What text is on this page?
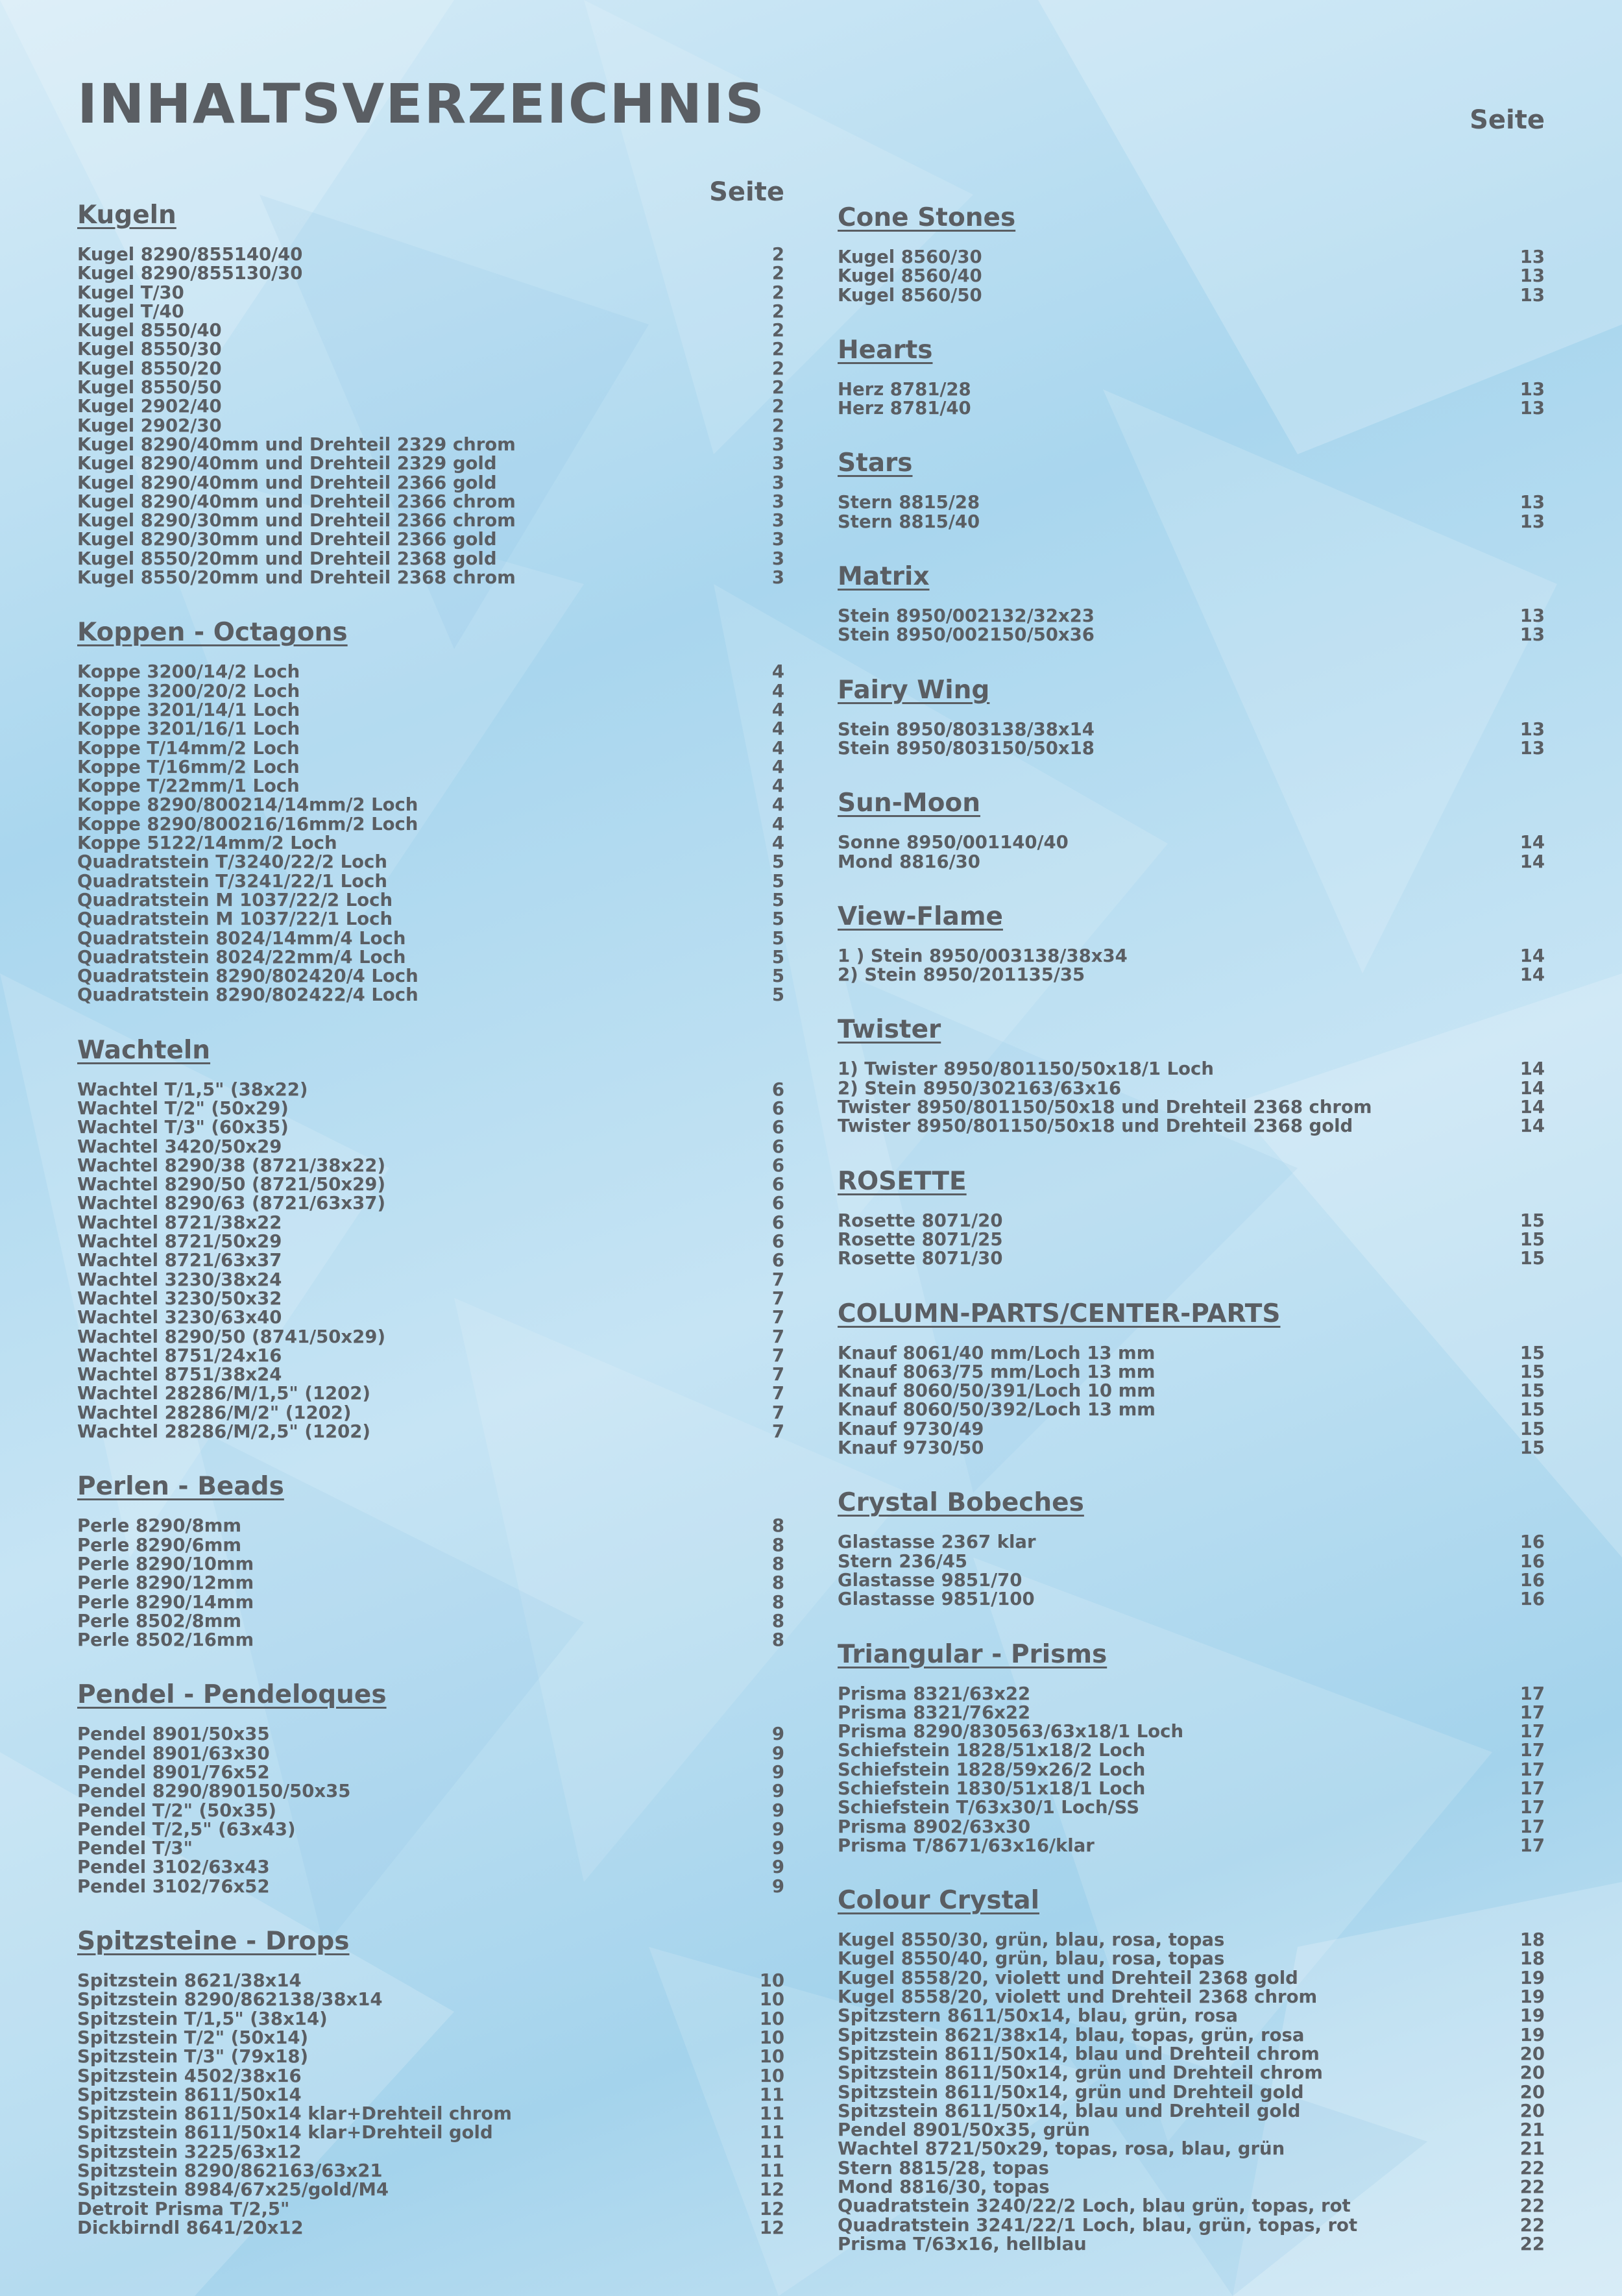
INHALTSVERZEICHNIS	Seite
Seite
Kugeln
Kugel 8290/855140/40	2
Kugel 8290/855130/30	2
Kugel T/30	2
Kugel T/40	2
Kugel 8550/40	2
Kugel 8550/30	2
Kugel 8550/20	2
Kugel 8550/50	2
Kugel 2902/40	2
Kugel 2902/30	2
Kugel 8290/40mm und Drehteil 2329 chrom	3
Kugel 8290/40mm und Drehteil 2329 gold	3
Kugel 8290/40mm und Drehteil 2366 gold	3
Kugel 8290/40mm und Drehteil 2366 chrom	3
Kugel 8290/30mm und Drehteil 2366 chrom	3
Kugel 8290/30mm und Drehteil 2366 gold	3
Kugel 8550/20mm und Drehteil 2368 gold	3
Kugel 8550/20mm und Drehteil 2368 chrom	3
Koppen - Octagons
Koppe 3200/14/2 Loch	4
Koppe 3200/20/2 Loch	4
Koppe 3201/14/1 Loch	4
Koppe 3201/16/1 Loch	4
Koppe T/14mm/2 Loch	4
Koppe T/16mm/2 Loch	4
Koppe T/22mm/1 Loch	4
Koppe 8290/800214/14mm/2 Loch	4
Koppe 8290/800216/16mm/2 Loch	4
Koppe 5122/14mm/2 Loch	4
Quadratstein T/3240/22/2 Loch	5
Quadratstein T/3241/22/1 Loch	5
Quadratstein M 1037/22/2 Loch	5
Quadratstein M 1037/22/1 Loch	5
Quadratstein 8024/14mm/4 Loch	5
Quadratstein 8024/22mm/4 Loch	5
Quadratstein 8290/802420/4 Loch	5
Quadratstein 8290/802422/4 Loch	5
Wachteln
Wachtel T/1,5" (38x22)	6
Wachtel T/2" (50x29)	6
Wachtel T/3" (60x35)	6
Wachtel 3420/50x29	6
Wachtel 8290/38 (8721/38x22)	6
Wachtel 8290/50 (8721/50x29)	6
Wachtel 8290/63 (8721/63x37)	6
Wachtel 8721/38x22	6
Wachtel 8721/50x29	6
Wachtel 8721/63x37	6
Wachtel 3230/38x24	7
Wachtel 3230/50x32	7
Wachtel 3230/63x40	7
Wachtel 8290/50 (8741/50x29)	7
Wachtel 8751/24x16	7
Wachtel 8751/38x24	7
Wachtel 28286/M/1,5" (1202)	7
Wachtel 28286/M/2" (1202)	7
Wachtel 28286/M/2,5" (1202)	7
Perlen - Beads
Perle 8290/8mm	8
Perle 8290/6mm	8
Perle 8290/10mm	8
Perle 8290/12mm	8
Perle 8290/14mm	8
Perle 8502/8mm	8
Perle 8502/16mm	8
Pendel - Pendeloques
Pendel 8901/50x35	9
Pendel 8901/63x30	9
Pendel 8901/76x52	9
Pendel 8290/890150/50x35	9
Pendel T/2" (50x35)	9
Pendel T/2,5" (63x43)	9
Pendel T/3"	9
Pendel 3102/63x43	9
Pendel 3102/76x52	9
Spitzsteine - Drops
Spitzstein 8621/38x14	10
Spitzstein 8290/862138/38x14	10
Spitzstein T/1,5" (38x14)	10
Spitzstein T/2" (50x14)	10
Spitzstein T/3" (79x18)	10
Spitzstein 4502/38x16	10
Spitzstein 8611/50x14	11
Spitzstein 8611/50x14 klar+Drehteil chrom	11
Spitzstein 8611/50x14 klar+Drehteil gold	11
Spitzstein 3225/63x12	11
Spitzstein 8290/862163/63x21	11
Spitzstein 8984/67x25/gold/M4	12
Detroit Prisma T/2,5"	12
Dickbirndl 8641/20x12	12
Cone Stones
Kugel 8560/30	13
Kugel 8560/40	13
Kugel 8560/50	13
Hearts
Herz 8781/28	13
Herz 8781/40	13
Stars
Stern 8815/28	13
Stern 8815/40	13
Matrix
Stein 8950/002132/32x23	13
Stein 8950/002150/50x36	13
Fairy Wing
Stein 8950/803138/38x14	13
Stein 8950/803150/50x18	13
Sun-Moon
Sonne 8950/001140/40	14
Mond 8816/30	14
View-Flame
1 ) Stein 8950/003138/38x34	14
2) Stein 8950/201135/35	14
Twister
1) Twister 8950/801150/50x18/1 Loch	14
2) Stein 8950/302163/63x16	14
Twister 8950/801150/50x18 und Drehteil 2368 chrom	14
Twister 8950/801150/50x18 und Drehteil 2368 gold	14
ROSETTE
Rosette 8071/20	15
Rosette 8071/25	15
Rosette 8071/30	15
COLUMN-PARTS/CENTER-PARTS
Knauf 8061/40 mm/Loch 13 mm	15
Knauf 8063/75 mm/Loch 13 mm	15
Knauf 8060/50/391/Loch 10 mm	15
Knauf 8060/50/392/Loch 13 mm	15
Knauf 9730/49	15
Knauf 9730/50	15
Crystal Bobeches
Glastasse 2367 klar	16
Stern 236/45	16
Glastasse 9851/70	16
Glastasse 9851/100	16
Triangular - Prisms
Prisma 8321/63x22	17
Prisma 8321/76x22	17
Prisma 8290/830563/63x18/1 Loch	17
Schiefstein 1828/51x18/2 Loch	17
Schiefstein 1828/59x26/2 Loch	17
Schiefstein 1830/51x18/1 Loch	17
Schiefstein T/63x30/1 Loch/SS	17
Prisma 8902/63x30	17
Prisma T/8671/63x16/klar	17
Colour Crystal
Kugel 8550/30, grün, blau, rosa, topas	18
Kugel 8550/40, grün, blau, rosa, topas	18
Kugel 8558/20, violett und Drehteil 2368 gold	19
Kugel 8558/20, violett und Drehteil 2368 chrom	19
Spitzstern 8611/50x14, blau, grün, rosa	19
Spitzstein 8621/38x14, blau, topas, grün, rosa	19
Spitzstein 8611/50x14, blau und Drehteil chrom	20
Spitzstein 8611/50x14, grün und Drehteil chrom	20
Spitzstein 8611/50x14, grün und Drehteil gold	20
Spitzstein 8611/50x14, blau und Drehteil gold	20
Pendel 8901/50x35, grün	21
Wachtel 8721/50x29, topas, rosa, blau, grün	21
Stern 8815/28, topas	22
Mond 8816/30, topas	22
Quadratstein 3240/22/2 Loch, blau grün, topas, rot	22
Quadratstein 3241/22/1 Loch, blau, grün, topas, rot	22
Prisma T/63x16, hellblau	22
